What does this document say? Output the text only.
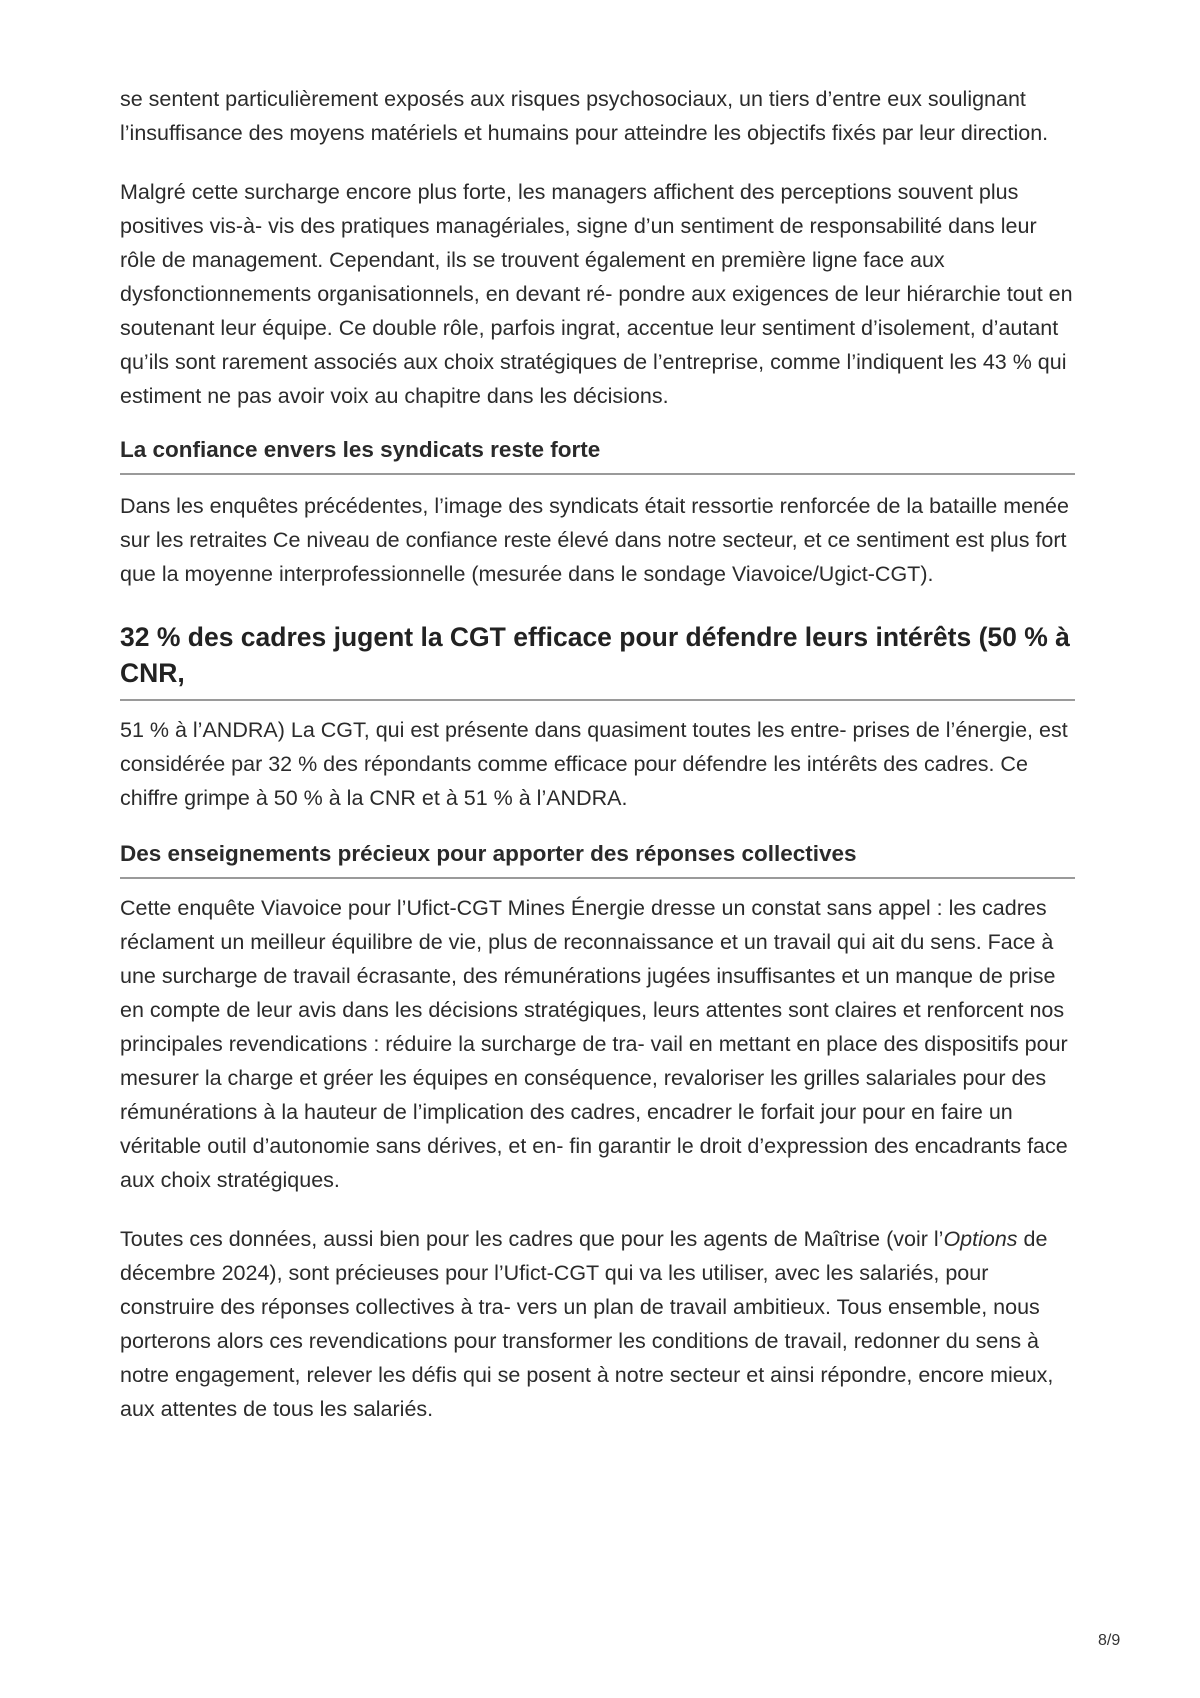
se sentent particulièrement exposés aux risques psychosociaux, un tiers d’entre eux soulignant l’insuffisance des moyens matériels et humains pour atteindre les objectifs fixés par leur direction.

Malgré cette surcharge encore plus forte, les managers affichent des perceptions souvent plus positives vis-à- vis des pratiques managériales, signe d’un sentiment de responsabilité dans leur rôle de management. Cependant, ils se trouvent également en première ligne face aux dysfonctionnements organisationnels, en devant ré- pondre aux exigences de leur hiérarchie tout en soutenant leur équipe. Ce double rôle, parfois ingrat, accentue leur sentiment d’isolement, d’autant qu’ils sont rarement associés aux choix stratégiques de l’entreprise, comme l’indiquent les 43 % qui estiment ne pas avoir voix au chapitre dans les décisions.

La confiance envers les syndicats reste forte

Dans les enquêtes précédentes, l’image des syndicats était ressortie renforcée de la bataille menée sur les retraites Ce niveau de confiance reste élevé dans notre secteur, et ce sentiment est plus fort que la moyenne interprofessionnelle (mesurée dans le sondage Viavoice/Ugict-CGT).

32 % des cadres jugent la CGT efficace pour défendre leurs intérêts (50 % à CNR,

51 % à l’ANDRA) La CGT, qui est présente dans quasiment toutes les entre- prises de l’énergie, est considérée par 32 % des répondants comme efficace pour défendre les intérêts des cadres. Ce chiffre grimpe à 50 % à la CNR et à 51 % à l’ANDRA.

Des enseignements précieux pour apporter des réponses collectives

Cette enquête Viavoice pour l’Ufict-CGT Mines Énergie dresse un constat sans appel : les cadres réclament un meilleur équilibre de vie, plus de reconnaissance et un travail qui ait du sens. Face à une surcharge de travail écrasante, des rémunérations jugées insuffisantes et un manque de prise en compte de leur avis dans les décisions stratégiques, leurs attentes sont claires et renforcent nos principales revendications : réduire la surcharge de tra- vail en mettant en place des dispositifs pour mesurer la charge et gréer les équipes en conséquence, revaloriser les grilles salariales pour des rémunérations à la hauteur de l’implication des cadres, encadrer le forfait jour pour en faire un véritable outil d’autonomie sans dérives, et en- fin garantir le droit d’expression des encadrants face aux choix stratégiques.

Toutes ces données, aussi bien pour les cadres que pour les agents de Maîtrise (voir l’Options de décembre 2024), sont précieuses pour l’Ufict-CGT qui va les utiliser, avec les salariés, pour construire des réponses collectives à tra- vers un plan de travail ambitieux. Tous ensemble, nous porterons alors ces revendications pour transformer les conditions de travail, redonner du sens à notre engagement, relever les défis qui se posent à notre secteur et ainsi répondre, encore mieux, aux attentes de tous les salariés.

8/9
